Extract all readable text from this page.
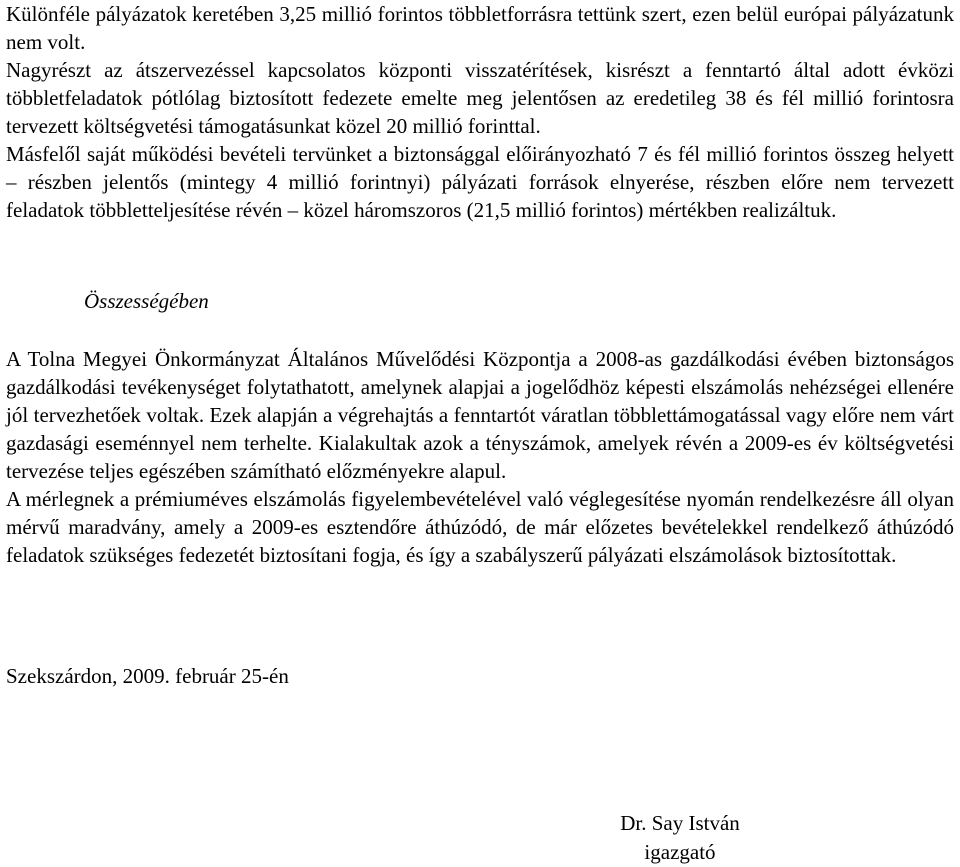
Különféle pályázatok keretében 3,25 millió forintos többletforrásra tettünk szert, ezen belül európai pályázatunk nem volt.

Nagyrészt az átszervezéssel kapcsolatos központi visszatérítések, kisrészt a fenntartó által adott évközi többletfeladatok pótlólag biztosított fedezete emelte meg jelentősen az eredetileg 38 és fél millió forintosra tervezett költségvetési támogatásunkat közel 20 millió forinttal.

Másfelől saját működési bevételi tervünket a biztonsággal előirányozható 7 és fél millió forintos összeg helyett – részben jelentős (mintegy 4 millió forintnyi) pályázati források elnyerése, részben előre nem tervezett feladatok többletteljesítése révén – közel háromszoros (21,5 millió forintos) mértékben realizáltuk.

Összességében

A Tolna Megyei Önkormányzat Általános Művelődési Központja a 2008-as gazdálkodási évében biztonságos gazdálkodási tevékenységet folytathatott, amelynek alapjai a jogelődhöz képesti elszámolás nehézségei ellenére jól tervezhetőek voltak. Ezek alapján a végrehajtás a fenntartót váratlan többlettámogatással vagy előre nem várt gazdasági eseménnyel nem terhelte. Kialakultak azok a tényszámok, amelyek révén a 2009-es év költségvetési tervezése teljes egészében számítható előzményekre alapul.

A mérlegnek a prémiuméves elszámolás figyelembevételével való véglegesítése nyomán rendelkezésre áll olyan mérvű maradvány, amely a 2009-es esztendőre áthúzódó, de már előzetes bevételekkel rendelkező áthúzódó feladatok szükséges fedezetét biztosítani fogja, és így a szabályszerű pályázati elszámolások biztosítottak.

Szekszárdon, 2009. február 25-én

Dr. Say István
igazgató
